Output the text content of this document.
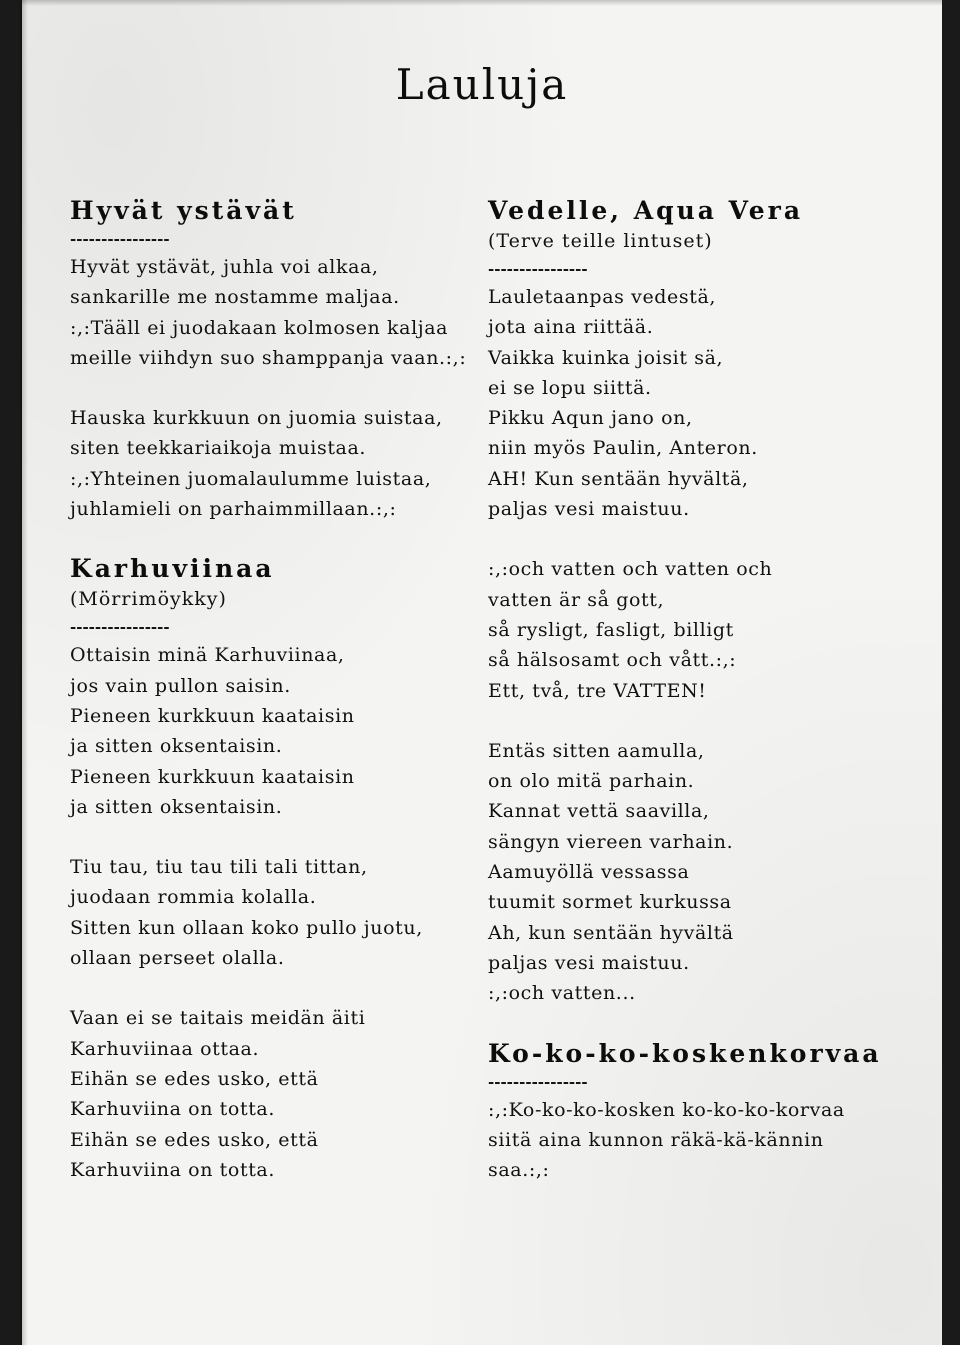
Lauluja
Hyvät ystävät
----------------
Hyvät ystävät, juhla voi alkaa,
sankarille me nostamme maljaa.
:,:Tääll ei juodakaan kolmosen kaljaa
meille viihdyn suo shamppanja vaan.:,:
Hauska kurkkuun on juomia suistaa,
siten teekkariaikoja muistaa.
:,:Yhteinen juomalaulumme luistaa,
juhlamieli on parhaimmillaan.:,:
Karhuviinaa
(Mörrimöykky)
----------------
Ottaisin minä Karhuviinaa,
jos vain pullon saisin.
Pieneen kurkkuun kaataisin
ja sitten oksentaisin.
Pieneen kurkkuun kaataisin
ja sitten oksentaisin.
Tiu tau, tiu tau tili tali tittan,
juodaan rommia kolalla.
Sitten kun ollaan koko pullo juotu,
ollaan perseet olalla.
Vaan ei se taitais meidän äiti
Karhuviinaa ottaa.
Eihän se edes usko, että
Karhuviina on totta.
Eihän se edes usko, että
Karhuviina on totta.
Vedelle, Aqua Vera
(Terve teille lintuset)
----------------
Lauletaanpas vedestä,
jota aina riittää.
Vaikka kuinka joisit sä,
ei se lopu siittä.
Pikku Aqun jano on,
niin myös Paulin, Anteron.
AH! Kun sentään hyvältä,
paljas vesi maistuu.
:,:och vatten och vatten och
vatten är så gott,
så rysligt, fasligt, billigt
så hälsosamt och vått.:,:
Ett, två, tre VATTEN!
Entäs sitten aamulla,
on olo mitä parhain.
Kannat vettä saavilla,
sängyn viereen varhain.
Aamuyöllä vessassa
tuumit sormet kurkussa
Ah, kun sentään hyvältä
paljas vesi maistuu.
:,:och vatten...
Ko-ko-ko-koskenkorvaa
----------------
:,:Ko-ko-ko-kosken ko-ko-ko-korvaa
siitä aina kunnon räkä-kä-kännin
saa.:,:
